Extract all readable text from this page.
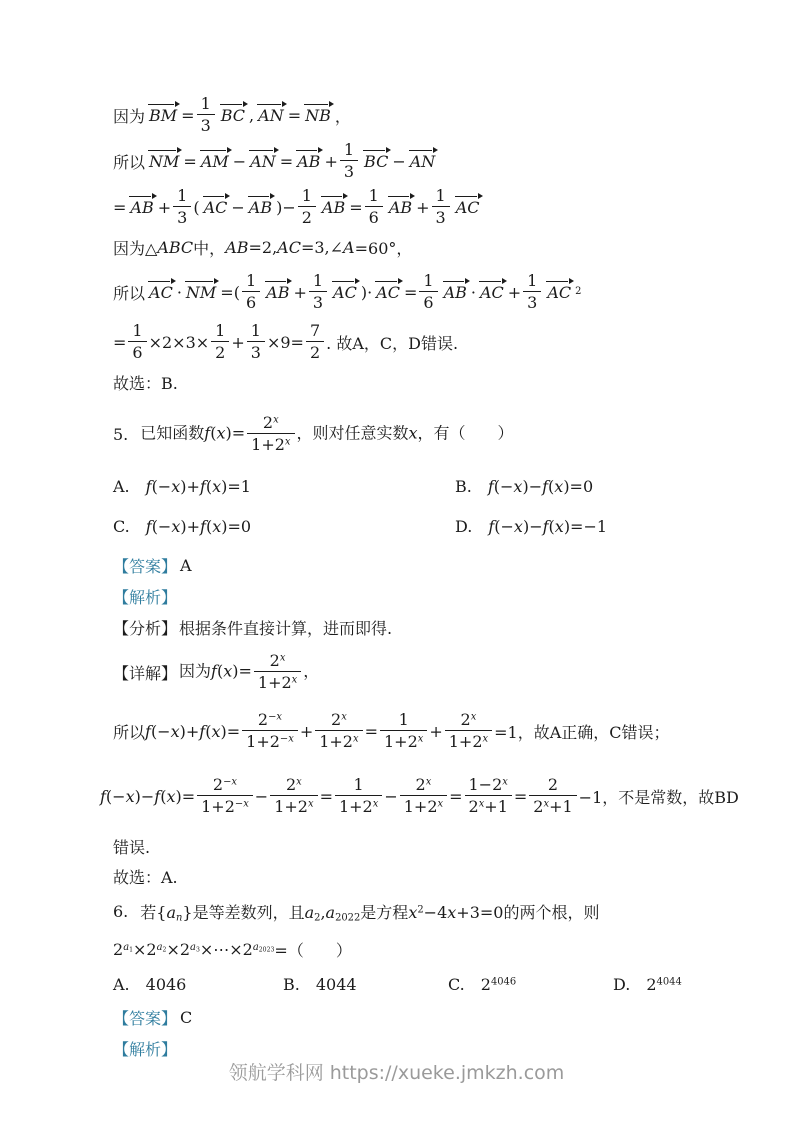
因为 BM = $\frac{1}{3}$ BC , AN = NB ，

所以 NM = AM − AN = AB + $\frac{1}{3}$ BC − AN

= AB + $\frac{1}{3}$ ( AC − AB )− $\frac{1}{2}$ AB = $\frac{1}{6}$ AB + $\frac{1}{3}$ AC

因为△ ABC 中， AB =2, AC =3,∠ A =60°，

所以 AC · NM =( $\frac{1}{6}$ AB + $\frac{1}{3}$ AC )· AC = $\frac{1}{6}$ AB · AC + $\frac{1}{3}$ AC 2

= $\frac{1}{6} \times 2\times 3\times \frac{1}{2} + \frac{1}{3} \times 9= \frac{7}{2}$ . 故A，C，D错误.

故选：B.

5. 已知函数$f(x)= \frac{2^x}{1+2^x}$ ，则对任意实数x，有（　　）

A. f(−x)+f(x)=1	B. f(−x)−f(x)=0
C. f(−x)+f(x)=0	D. f(−x)−f(x)=−1

【答案】 A

【解析】

【分析】 根据条件直接计算，进而即得.

【详解】 因为$f(x)= \frac{2^x}{1+2^x}$ ，

所以 f (− x )+ f ( x )= $\frac{2^{-x}}{1+2^{-x}} + \frac{2^x}{1+2^x} = \frac{1}{1+2^x} + \frac{2^x}{1+2^x} =1$，故A正确，C错误；

f (− x )− f ( x )= $\frac{2^{-x}}{1+2^{-x}} - \frac{2^x}{1+2^x} = \frac{1}{1+2^x} - \frac{2^x}{1+2^x} = \frac{1-2^x}{2^x+1} = \frac{2}{2^x+1} -1$，不是常数，故BD

错误.

故选：A.

6. 若$\{a_n\}$是等差数列，且$a_2,a_{2022}$是方程$x^2-4x+3=0$的两个根，则

2 $a_1 \times 2$ $a_2 \times 2$ $a_3$ ×⋯×2 $a_{2023}$ =（　　）

A. 4046	B. 4044	C. $2^{4046}$	D. $2^{4044}$

【答案】 C

【解析】

领航学科网 https://xueke.jmkzh.com
